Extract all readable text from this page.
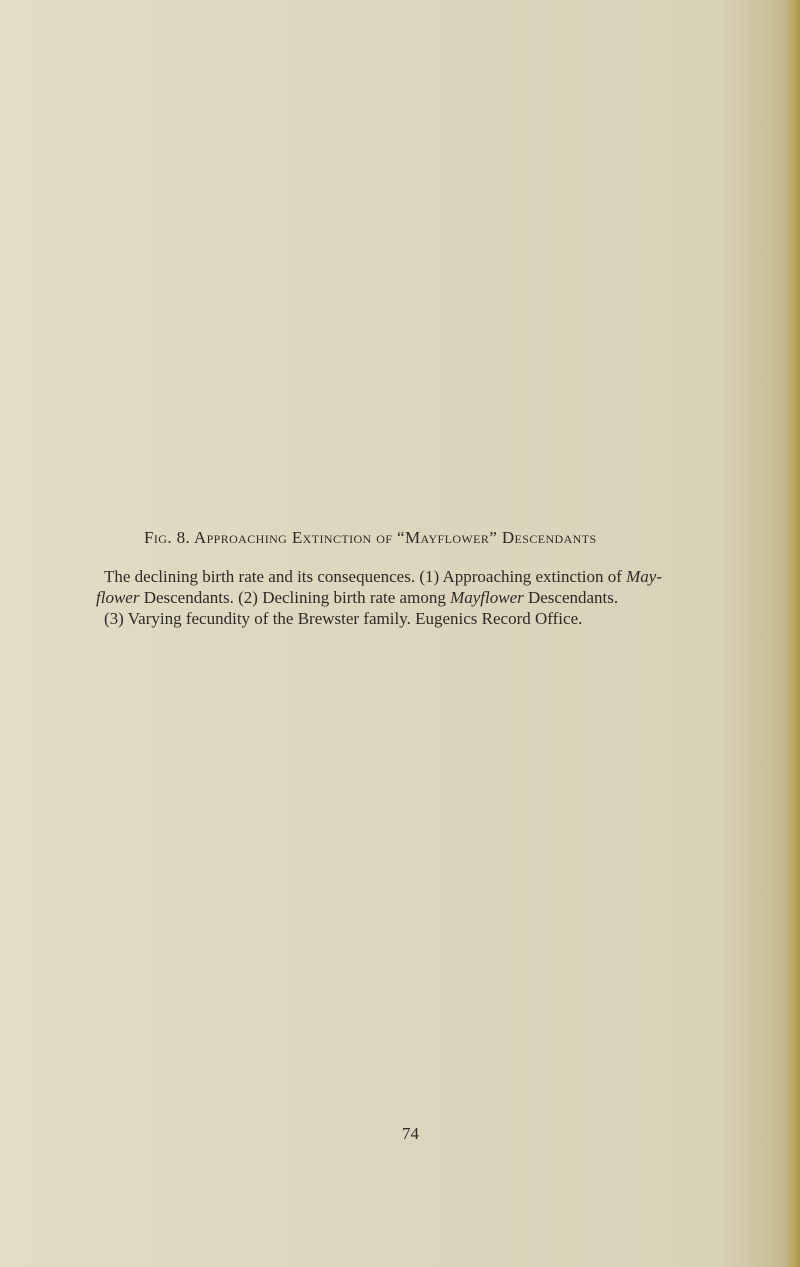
Fig. 8. Approaching Extinction of “Mayflower” Descendants

The declining birth rate and its consequences. (1) Approaching extinction of May-
flower Descendants. (2) Declining birth rate among Mayflower Descendants.
(3) Varying fecundity of the Brewster family. Eugenics Record Office.

74
